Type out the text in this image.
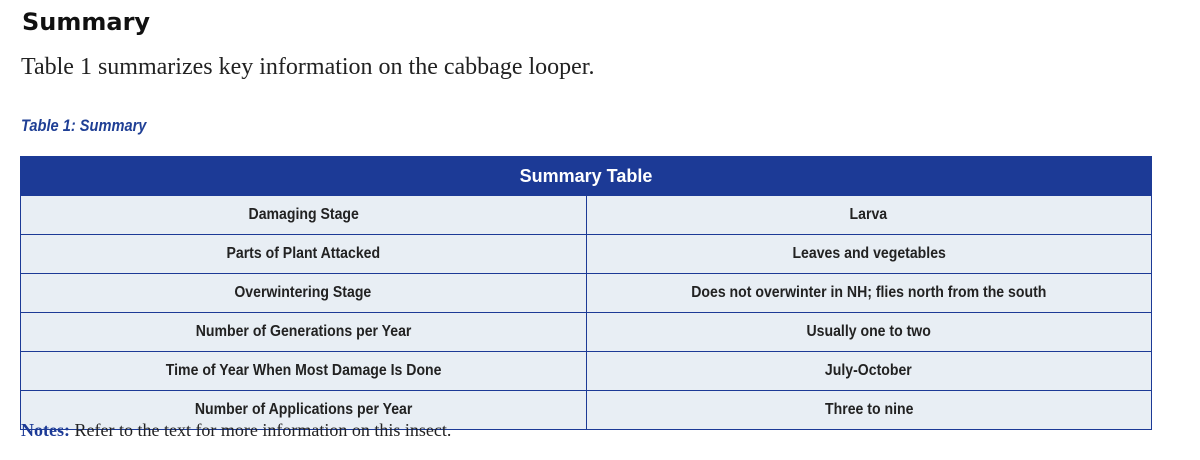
Summary
Table 1 summarizes key information on the cabbage looper.
Table 1: Summary
Summary Table	
Damaging Stage	Larva
Parts of Plant Attacked	Leaves and vegetables
Overwintering Stage	Does not overwinter in NH; flies north from the south
Number of Generations per Year	Usually one to two
Time of Year When Most Damage Is Done	July-October
Number of Applications per Year	Three to nine
Notes: Refer to the text for more information on this insect.
